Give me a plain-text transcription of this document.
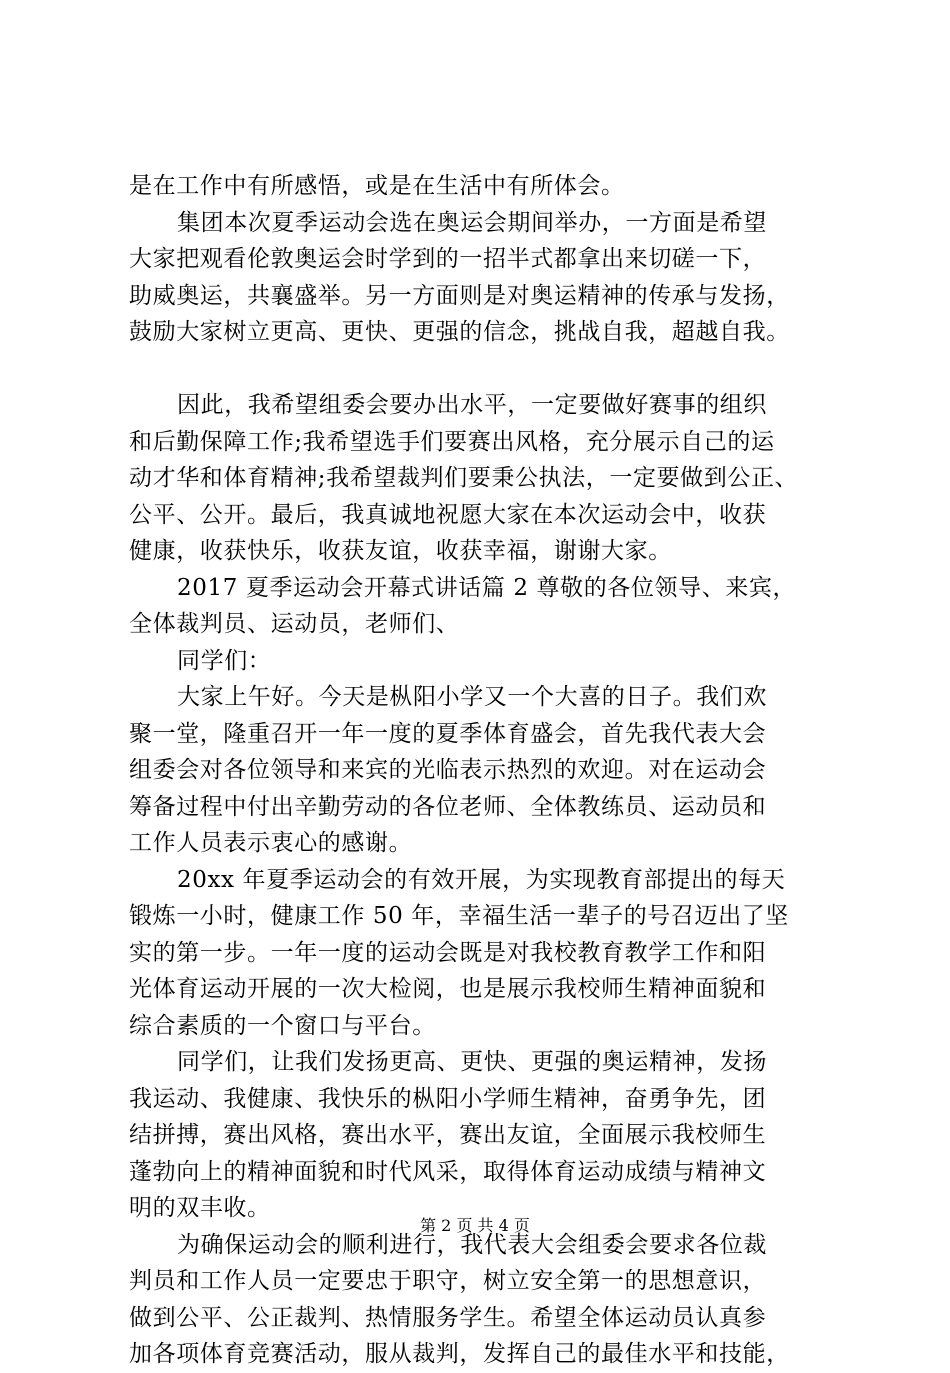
是在工作中有所感悟，或是在生活中有所体会。
集团本次夏季运动会选在奥运会期间举办，一方面是希望
大家把观看伦敦奥运会时学到的一招半式都拿出来切磋一下，
助威奥运，共襄盛举。另一方面则是对奥运精神的传承与发扬，
鼓励大家树立更高、更快、更强的信念，挑战自我，超越自我。
因此，我希望组委会要办出水平，一定要做好赛事的组织
和后勤保障工作;我希望选手们要赛出风格，充分展示自己的运
动才华和体育精神;我希望裁判们要秉公执法，一定要做到公正、
公平、公开。最后，我真诚地祝愿大家在本次运动会中，收获
健康，收获快乐，收获友谊，收获幸福，谢谢大家。
2017 夏季运动会开幕式讲话篇 2 尊敬的各位领导、来宾，
全体裁判员、运动员，老师们、
同学们：
大家上午好。今天是枞阳小学又一个大喜的日子。我们欢
聚一堂，隆重召开一年一度的夏季体育盛会，首先我代表大会
组委会对各位领导和来宾的光临表示热烈的欢迎。对在运动会
筹备过程中付出辛勤劳动的各位老师、全体教练员、运动员和
工作人员表示衷心的感谢。
20xx 年夏季运动会的有效开展，为实现教育部提出的每天
锻炼一小时，健康工作 50 年，幸福生活一辈子的号召迈出了坚
实的第一步。一年一度的运动会既是对我校教育教学工作和阳
光体育运动开展的一次大检阅，也是展示我校师生精神面貌和
综合素质的一个窗口与平台。
同学们，让我们发扬更高、更快、更强的奥运精神，发扬
我运动、我健康、我快乐的枞阳小学师生精神，奋勇争先，团
结拼搏，赛出风格，赛出水平，赛出友谊，全面展示我校师生
蓬勃向上的精神面貌和时代风采，取得体育运动成绩与精神文
明的双丰收。
为确保运动会的顺利进行，我代表大会组委会要求各位裁
判员和工作人员一定要忠于职守，树立安全第一的思想意识，
做到公平、公正裁判、热情服务学生。希望全体运动员认真参
加各项体育竞赛活动，服从裁判，发挥自己的最佳水平和技能，
第 2 页 共 4 页
